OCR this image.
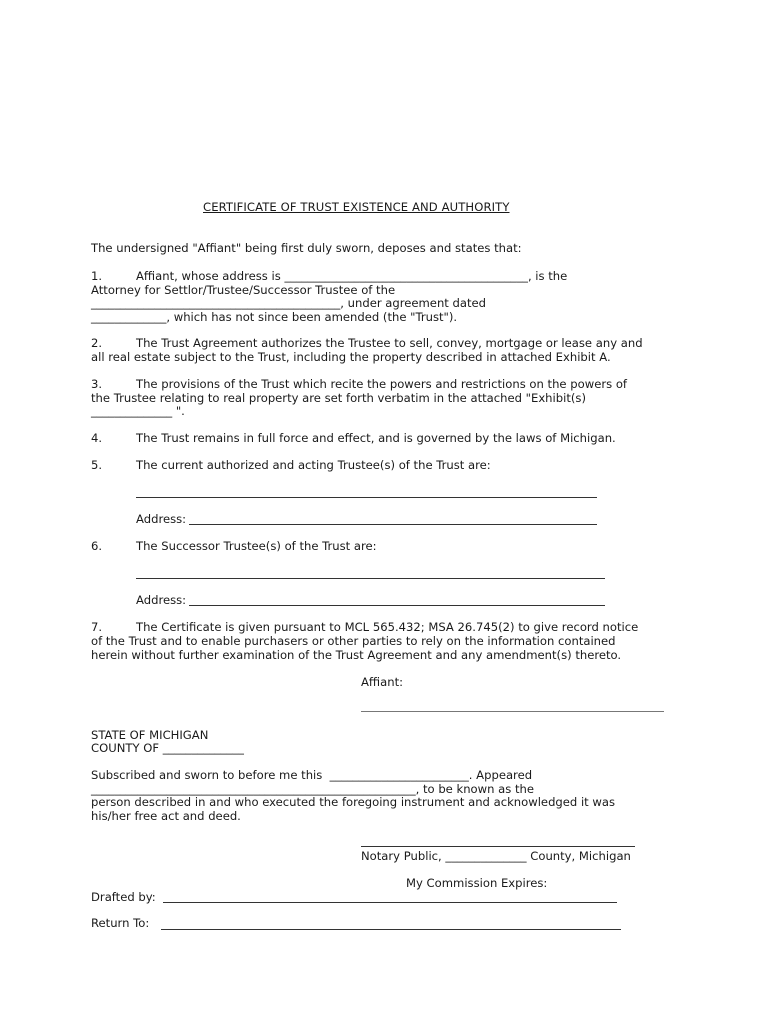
CERTIFICATE OF TRUST EXISTENCE AND AUTHORITY
The undersigned "Affiant" being first duly sworn, deposes and states that:
1.	Affiant, whose address is __________________________________________, is the
Attorney for Settlor/Trustee/Successor Trustee of the
___________________________________________, under agreement dated
_____________, which has not since been amended (the "Trust").
2.	The Trust Agreement authorizes the Trustee to sell, convey, mortgage or lease any and
all real estate subject to the Trust, including the property described in attached Exhibit A.
3.	The provisions of the Trust which recite the powers and restrictions on the powers of
the Trustee relating to real property are set forth verbatim in the attached "Exhibit(s)
______________ ".
4.	The Trust remains in full force and effect, and is governed by the laws of Michigan.
5.	The current authorized and acting Trustee(s) of the Trust are:
Address:
6.	The Successor Trustee(s) of the Trust are:
Address:
7.	The Certificate is given pursuant to MCL 565.432; MSA 26.745(2) to give record notice
of the Trust and to enable purchasers or other parties to rely on the information contained
herein without further examination of the Trust Agreement and any amendment(s) thereto.
Affiant:
STATE OF MICHIGAN
COUNTY OF ______________
Subscribed and sworn to before me this  ________________________. Appeared
________________________________________________________, to be known as the
person described in and who executed the foregoing instrument and acknowledged it was
his/her free act and deed.
Notary Public, ______________ County, Michigan
My Commission Expires:
Drafted by:
Return To:
